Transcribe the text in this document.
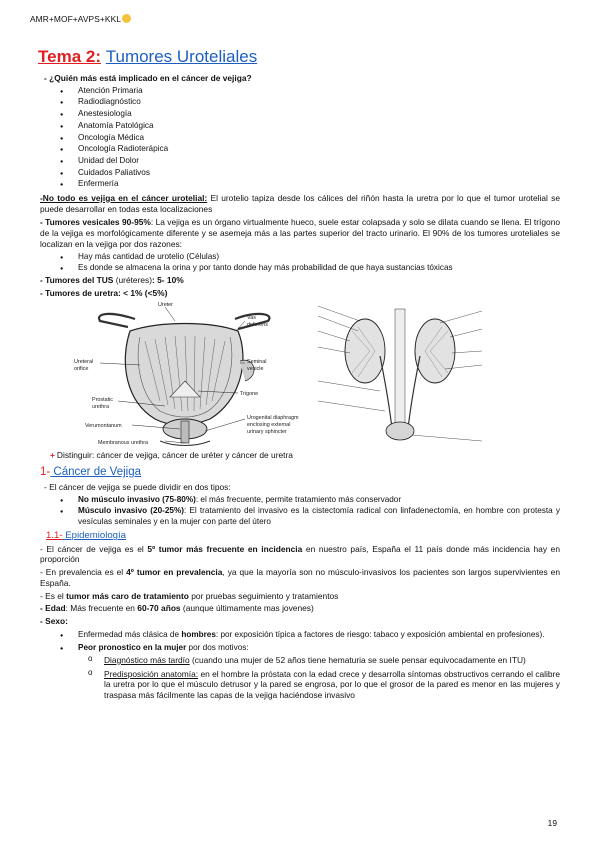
AMR+MOF+AVPS+KKL
Tema 2: Tumores Uroteliales
- ¿Quién más está implicado en el cáncer de vejiga?
● Atención Primaria
● Radiodiagnóstico
● Anestesiología
● Anatomía Patológica
● Oncología Médica
● Oncología Radioterápica
● Unidad del Dolor
● Cuidados Paliativos
● Enfermería

-No todo es vejiga en el cáncer urotelial: El urotelio tapiza desde los cálices del riñón hasta la uretra por lo que el tumor urotelial se puede desarrollar en todas esta localizaciones

- Tumores vesicales 90-95%: La vejiga es un órgano virtualmente hueco, suele estar colapsada y solo se dilata cuando se llena. El trígono de la vejiga es morfológicamente diferente y se asemeja más a las partes superior del tracto urinario. El 90% de los tumores uroteliales se localizan en la vejiga por dos razones:

● Hay más cantidad de urotelio (Células)
● Es donde se almacena la orina y por tanto donde hay más probabilidad de que haya sustancias tóxicas
- Tumores del TUS (uréteres): 5- 10%
- Tumores de uretra: < 1% (<5%)
Ureter
Vas
deferens
Seminal
vesicle
Trigone
Ureteral
orifice
Prostatic
urethra
Verumontanum
Membranous urethra
Urogenital diaphragm
enclosing external
urinary sphincter
+ Distinguir: cáncer de vejiga, cáncer de uréter y cáncer de uretra
1- Cáncer de Vejiga
- El cáncer de vejiga se puede dividir en dos tipos:
● No músculo invasivo (75-80%): el más frecuente, permite tratamiento más conservador
● Músculo invasivo (20-25%): El tratamiento del invasivo es la cistectomía radical con linfadenectomía, en hombre con protesta y vesículas seminales y en la mujer con parte del útero
1.1- Epidemiología

- El cáncer de vejiga es el 5º tumor más frecuente en incidencia en nuestro país, España el 11 país donde más incidencia hay en proporción

- En prevalencia es el 4º tumor en prevalencia, ya que la mayoría son no músculo-invasivos los pacientes son largos supervivientes en España.

- Es el tumor más caro de tratamiento por pruebas seguimiento y tratamientos

- Edad: Más frecuente en 60-70 años (aunque últimamente mas jovenes)

- Sexo:
● Enfermedad más clásica de hombres: por exposición típica a factores de riesgo: tabaco y exposición ambiental en profesiones).
● Peor pronostico en la mujer por dos motivos:
o Diagnóstico más tardío (cuando una mujer de 52 años tiene hematuria se suele pensar equivocadamente en ITU)
o Predisposición anatomía: en el hombre la próstata con la edad crece y desarrolla síntomas obstructivos cerrando el calibre la uretra por lo que el músculo detrusor y la pared se engrosa, por lo que el grosor de la pared es menor en las mujeres y traspasa más fácilmente las capas de la vejiga haciéndose invasivo
19
